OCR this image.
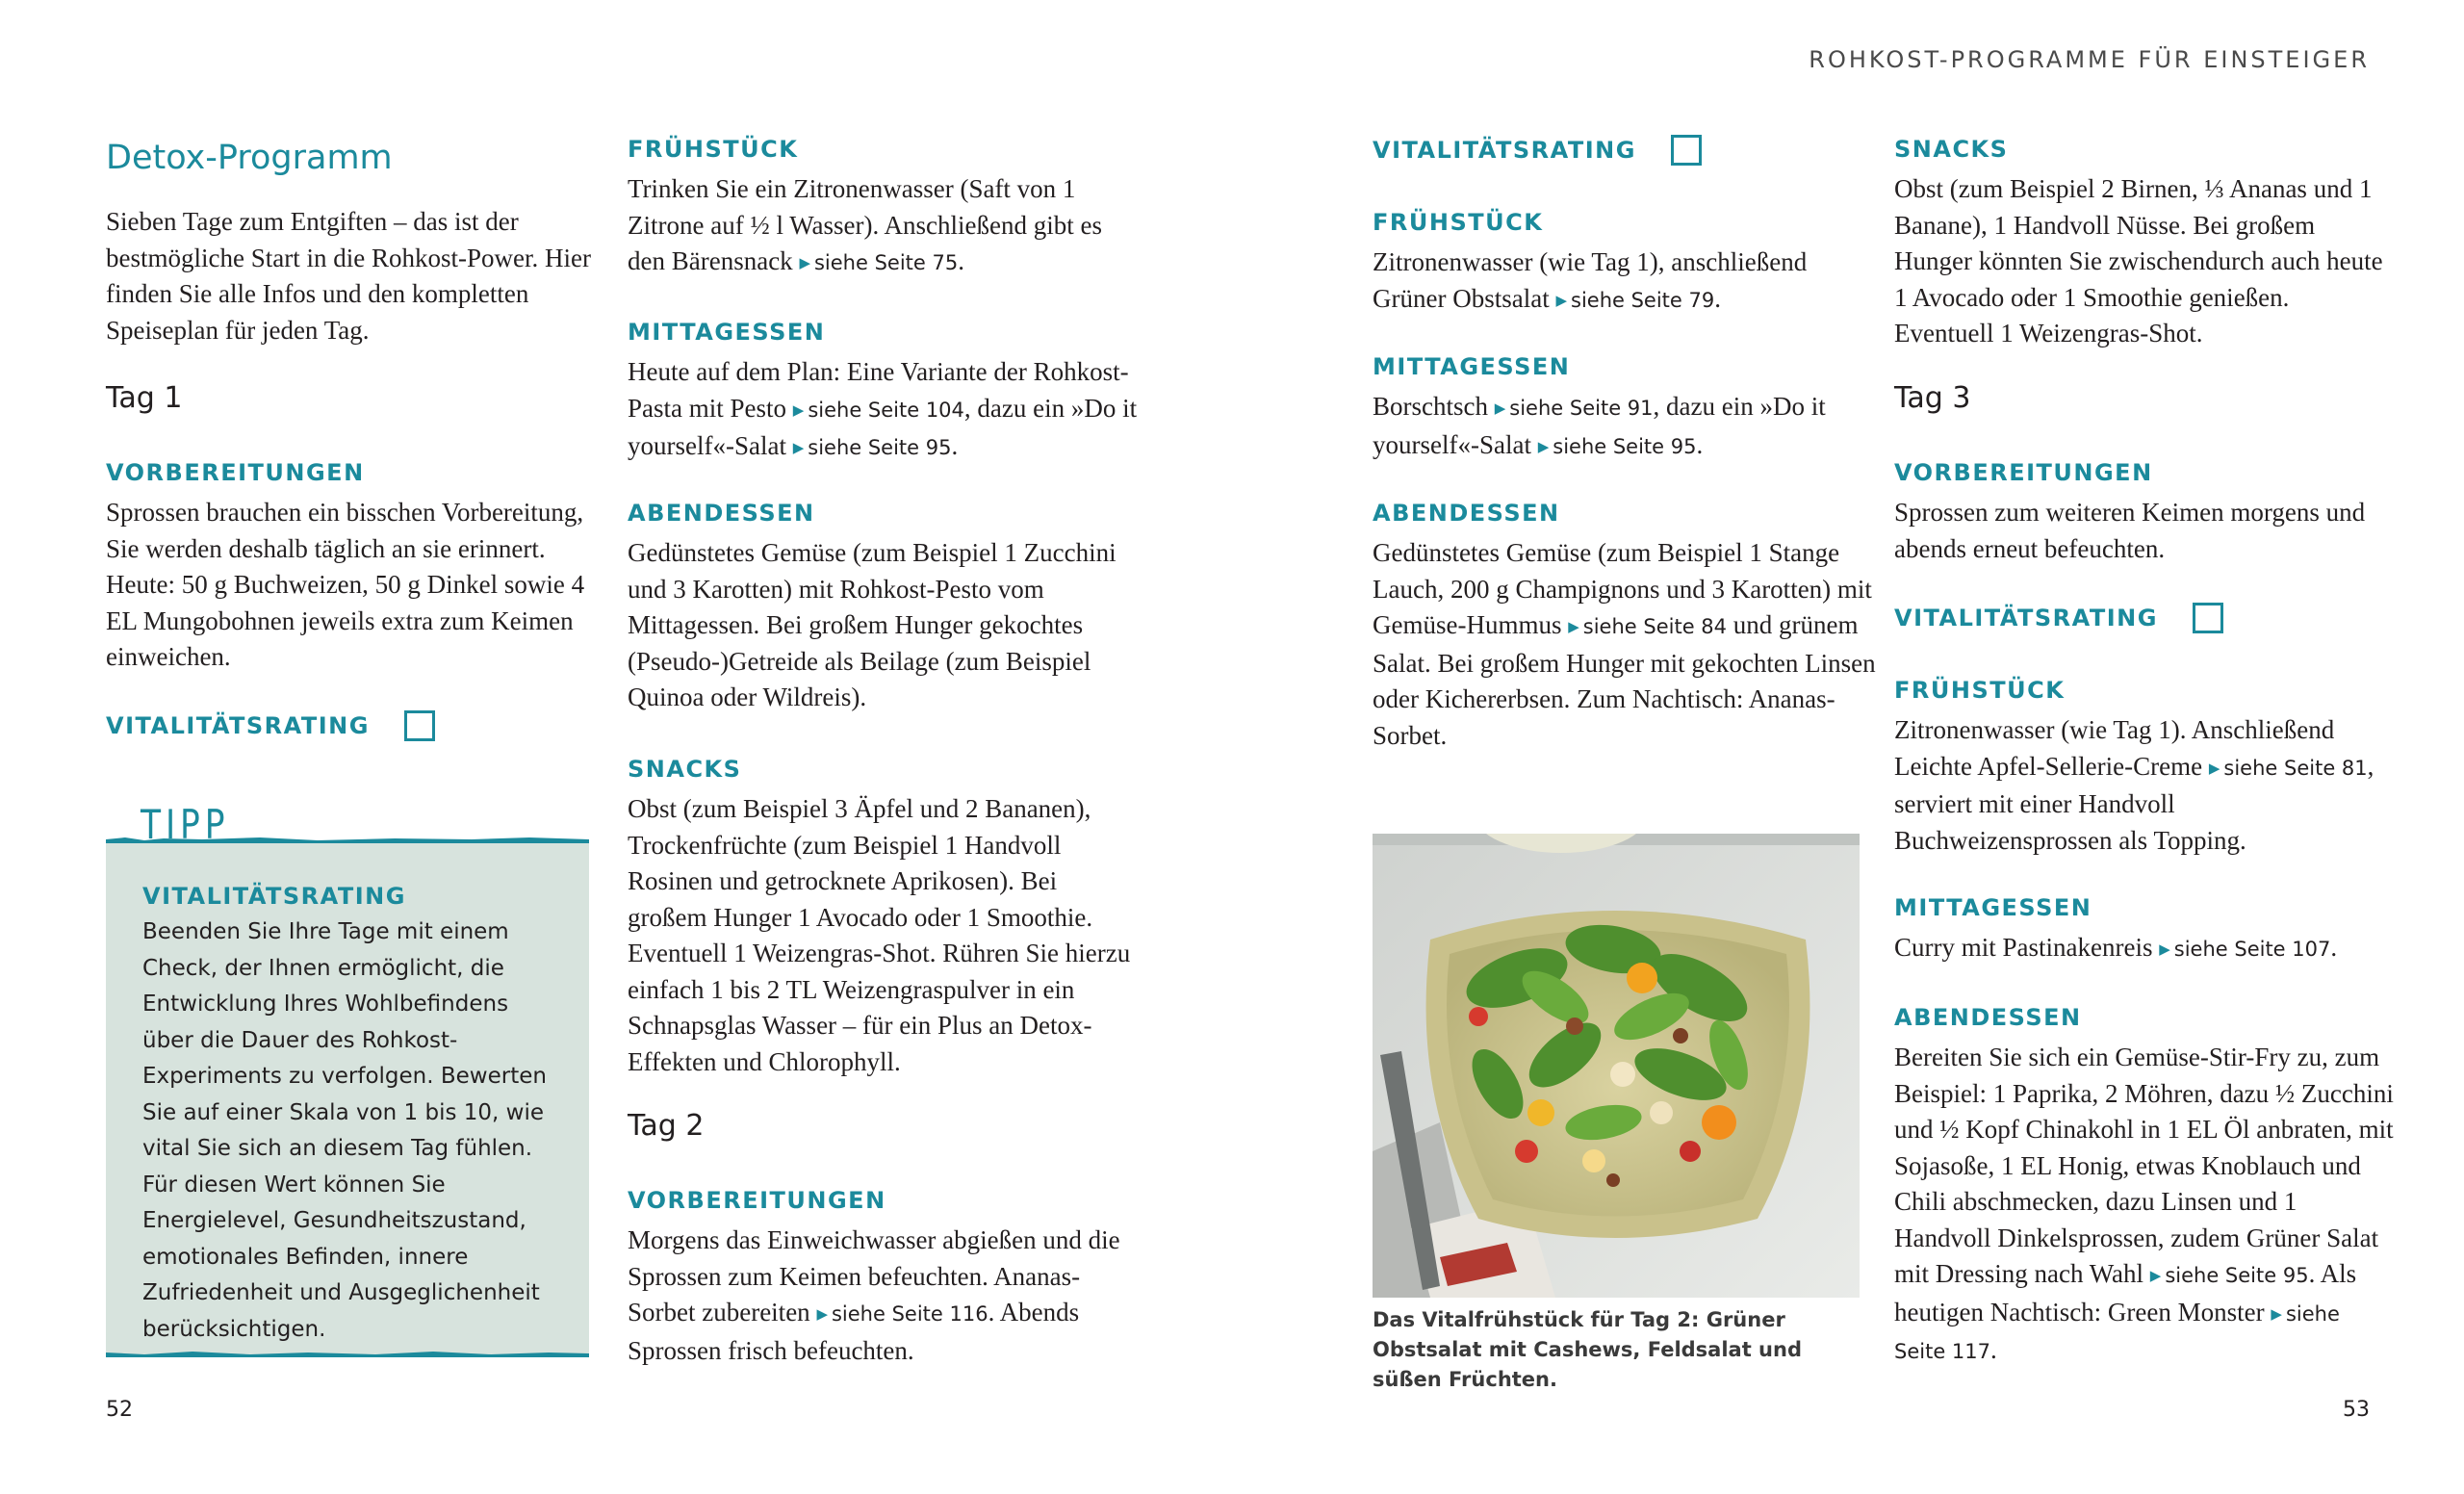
ROHKOST-PROGRAMME FÜR EINSTEIGER
Detox-Programm

Sieben Tage zum Entgiften – das ist der bestmögliche Start in die Rohkost-Power. Hier finden Sie alle Infos und den kompletten Speiseplan für jeden Tag.

Tag 1

VORBEREITUNGEN

Sprossen brauchen ein bisschen Vorbereitung, Sie werden deshalb täglich an sie erinnert. Heute: 50 g Buchweizen, 50 g Dinkel sowie 4 EL Mungobohnen jeweils extra zum Keimen einweichen.

VITALITÄTSRATING
TIPP

VITALITÄTSRATING

Beenden Sie Ihre Tage mit einem Check, der Ihnen ermöglicht, die Entwicklung Ihres Wohlbefindens über die Dauer des Rohkost-Experiments zu verfolgen. Bewerten Sie auf einer Skala von 1 bis 10, wie vital Sie sich an diesem Tag fühlen. Für diesen Wert können Sie Energielevel, Gesundheitszustand, emotionales Befinden, innere Zufriedenheit und Ausgeglichenheit berücksichtigen.

FRÜHSTÜCK

Trinken Sie ein Zitronenwasser (Saft von 1 Zitrone auf ½ l Wasser). Anschließend gibt es den Bärensnack ▶ siehe Seite 75.

MITTAGESSEN

Heute auf dem Plan: Eine Variante der Rohkost-Pasta mit Pesto ▶ siehe Seite 104, dazu ein »Do it yourself«-Salat ▶ siehe Seite 95.

ABENDESSEN

Gedünstetes Gemüse (zum Beispiel 1 Zucchini und 3 Karotten) mit Rohkost-Pesto vom Mittagessen. Bei großem Hunger gekochtes (Pseudo-)Getreide als Beilage (zum Beispiel Quinoa oder Wildreis).

SNACKS

Obst (zum Beispiel 3 Äpfel und 2 Bananen), Trockenfrüchte (zum Beispiel 1 Handvoll Rosinen und getrocknete Aprikosen). Bei großem Hunger 1 Avocado oder 1 Smoothie. Eventuell 1 Weizengras-Shot. Rühren Sie hierzu einfach 1 bis 2 TL Weizengraspulver in ein Schnapsglas Wasser – für ein Plus an Detox-Effekten und Chlorophyll.

Tag 2

VORBEREITUNGEN

Morgens das Einweichwasser abgießen und die Sprossen zum Keimen befeuchten. Ananas-Sorbet zubereiten ▶ siehe Seite 116. Abends Sprossen frisch befeuchten.

52
VITALITÄTSRATING

FRÜHSTÜCK

Zitronenwasser (wie Tag 1), anschließend Grüner Obstsalat ▶ siehe Seite 79.

MITTAGESSEN

Borschtsch ▶ siehe Seite 91, dazu ein »Do it yourself«-Salat ▶ siehe Seite 95.

ABENDESSEN

Gedünstetes Gemüse (zum Beispiel 1 Stange Lauch, 200 g Champignons und 3 Karotten) mit Gemüse-Hummus ▶ siehe Seite 84 und grünem Salat. Bei großem Hunger mit gekochten Linsen oder Kichererbsen. Zum Nachtisch: Ananas-Sorbet.

SNACKS

Obst (zum Beispiel 2 Birnen, ⅓ Ananas und 1 Banane), 1 Handvoll Nüsse. Bei großem Hunger könnten Sie zwischendurch auch heute 1 Avocado oder 1 Smoothie genießen. Eventuell 1 Weizengras-Shot.

Tag 3

VORBEREITUNGEN

Sprossen zum weiteren Keimen morgens und abends erneut befeuchten.

VITALITÄTSRATING

FRÜHSTÜCK

Zitronenwasser (wie Tag 1). Anschließend Leichte Apfel-Sellerie-Creme ▶ siehe Seite 81, serviert mit einer Handvoll Buchweizensprossen als Topping.

MITTAGESSEN

Curry mit Pastinakenreis ▶ siehe Seite 107.

ABENDESSEN

Bereiten Sie sich ein Gemüse-Stir-Fry zu, zum Beispiel: 1 Paprika, 2 Möhren, dazu ½ Zucchini und ½ Kopf Chinakohl in 1 EL Öl anbraten, mit Sojasoße, 1 EL Honig, etwas Knoblauch und Chili abschmecken, dazu Linsen und 1 Handvoll Dinkelsprossen, zudem Grüner Salat mit Dressing nach Wahl ▶ siehe Seite 95. Als heutigen Nachtisch: Green Monster ▶ siehe Seite 117.

53

Das Vitalfrühstück für Tag 2: Grüner Obstsalat mit Cashews, Feldsalat und süßen Früchten.
